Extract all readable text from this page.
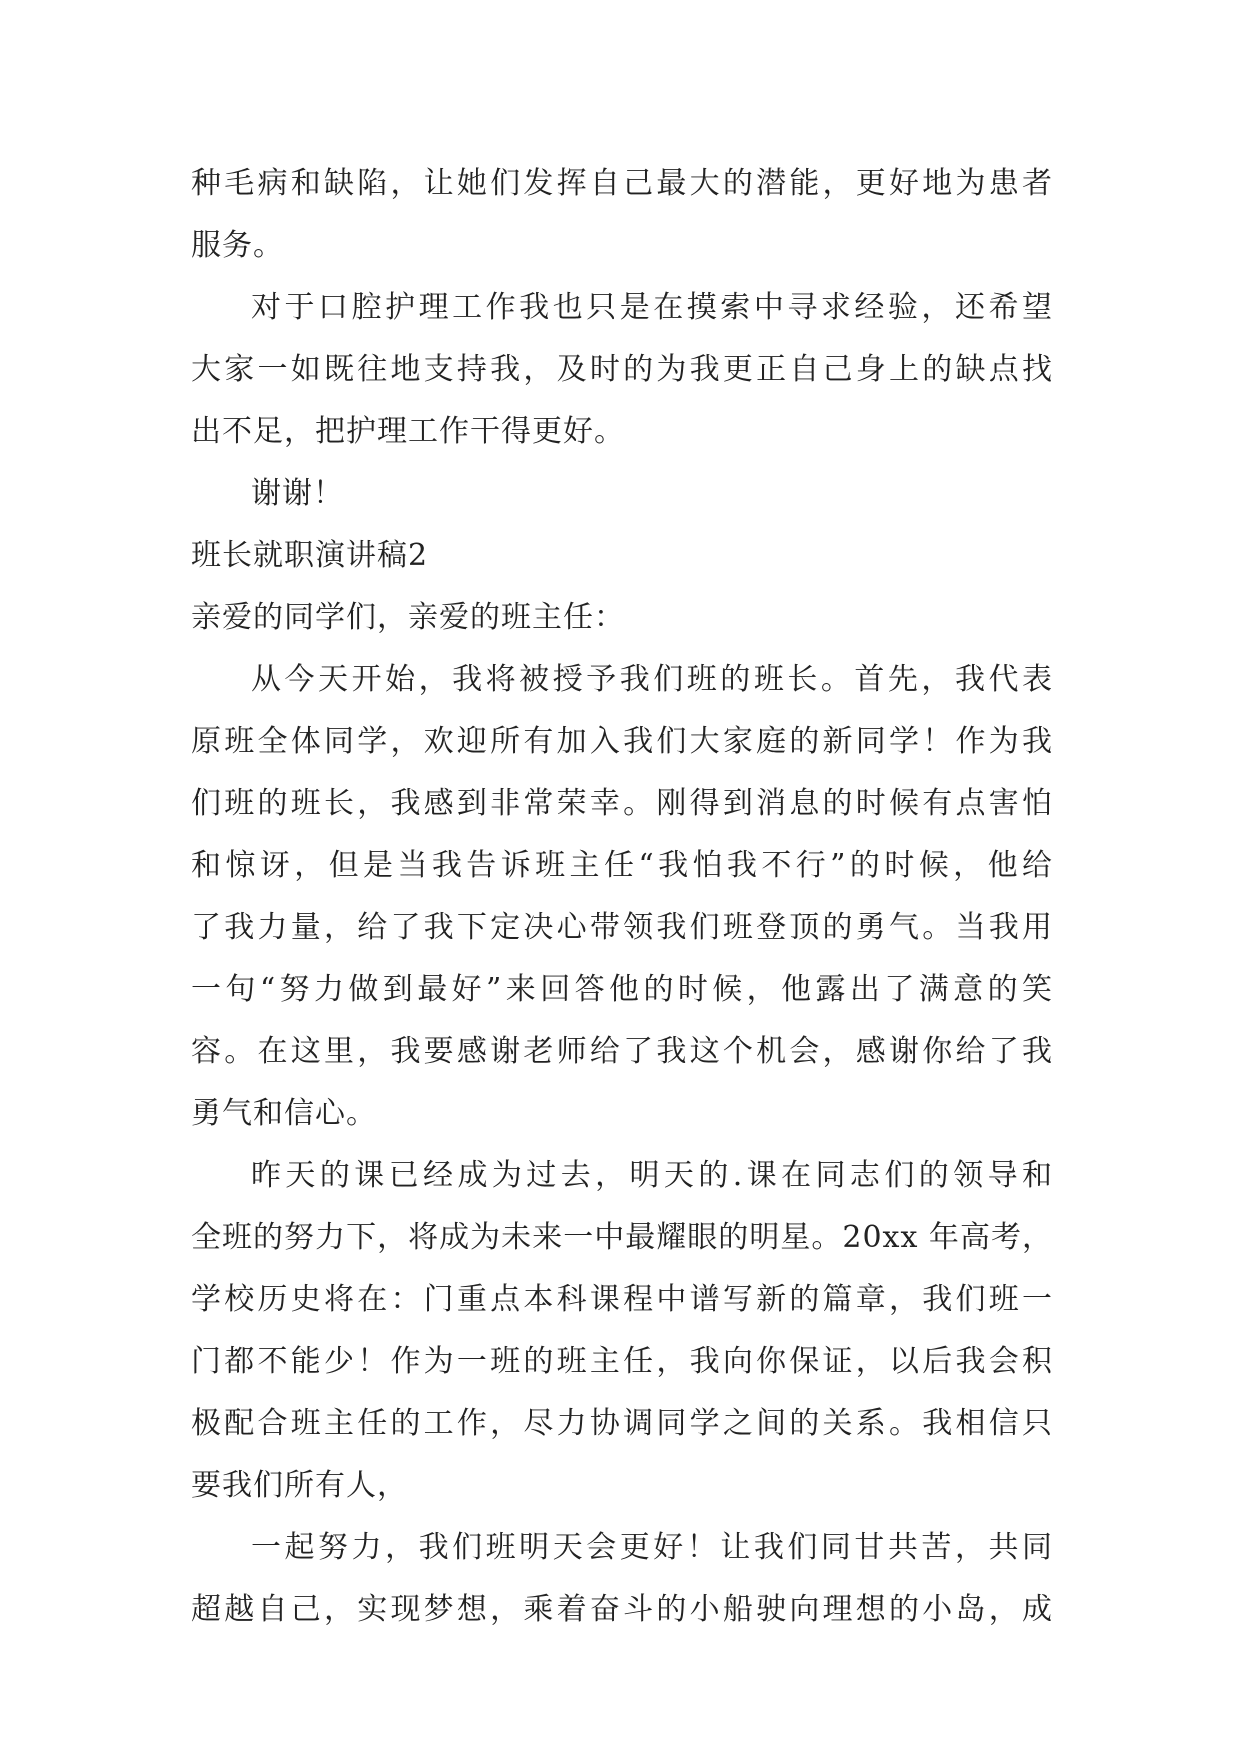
种毛病和缺陷，让她们发挥自己最大的潜能，更好地为患者
服务。
对于口腔护理工作我也只是在摸索中寻求经验，还希望
大家一如既往地支持我，及时的为我更正自己身上的缺点找
出不足，把护理工作干得更好。
谢谢！
班长就职演讲稿2
亲爱的同学们，亲爱的班主任：
从今天开始，我将被授予我们班的班长。首先，我代表
原班全体同学，欢迎所有加入我们大家庭的新同学！作为我
们班的班长，我感到非常荣幸。刚得到消息的时候有点害怕
和惊讶，但是当我告诉班主任“我怕我不行”的时候，他给
了我力量，给了我下定决心带领我们班登顶的勇气。当我用
一句“努力做到最好”来回答他的时候，他露出了满意的笑
容。在这里，我要感谢老师给了我这个机会，感谢你给了我
勇气和信心。
昨天的课已经成为过去，明天的.课在同志们的领导和
全班的努力下，将成为未来一中最耀眼的明星。20xx 年高考，
学校历史将在：门重点本科课程中谱写新的篇章，我们班一
门都不能少！作为一班的班主任，我向你保证，以后我会积
极配合班主任的工作，尽力协调同学之间的关系。我相信只
要我们所有人，
一起努力，我们班明天会更好！让我们同甘共苦，共同
超越自己，实现梦想，乘着奋斗的小船驶向理想的小岛，成
